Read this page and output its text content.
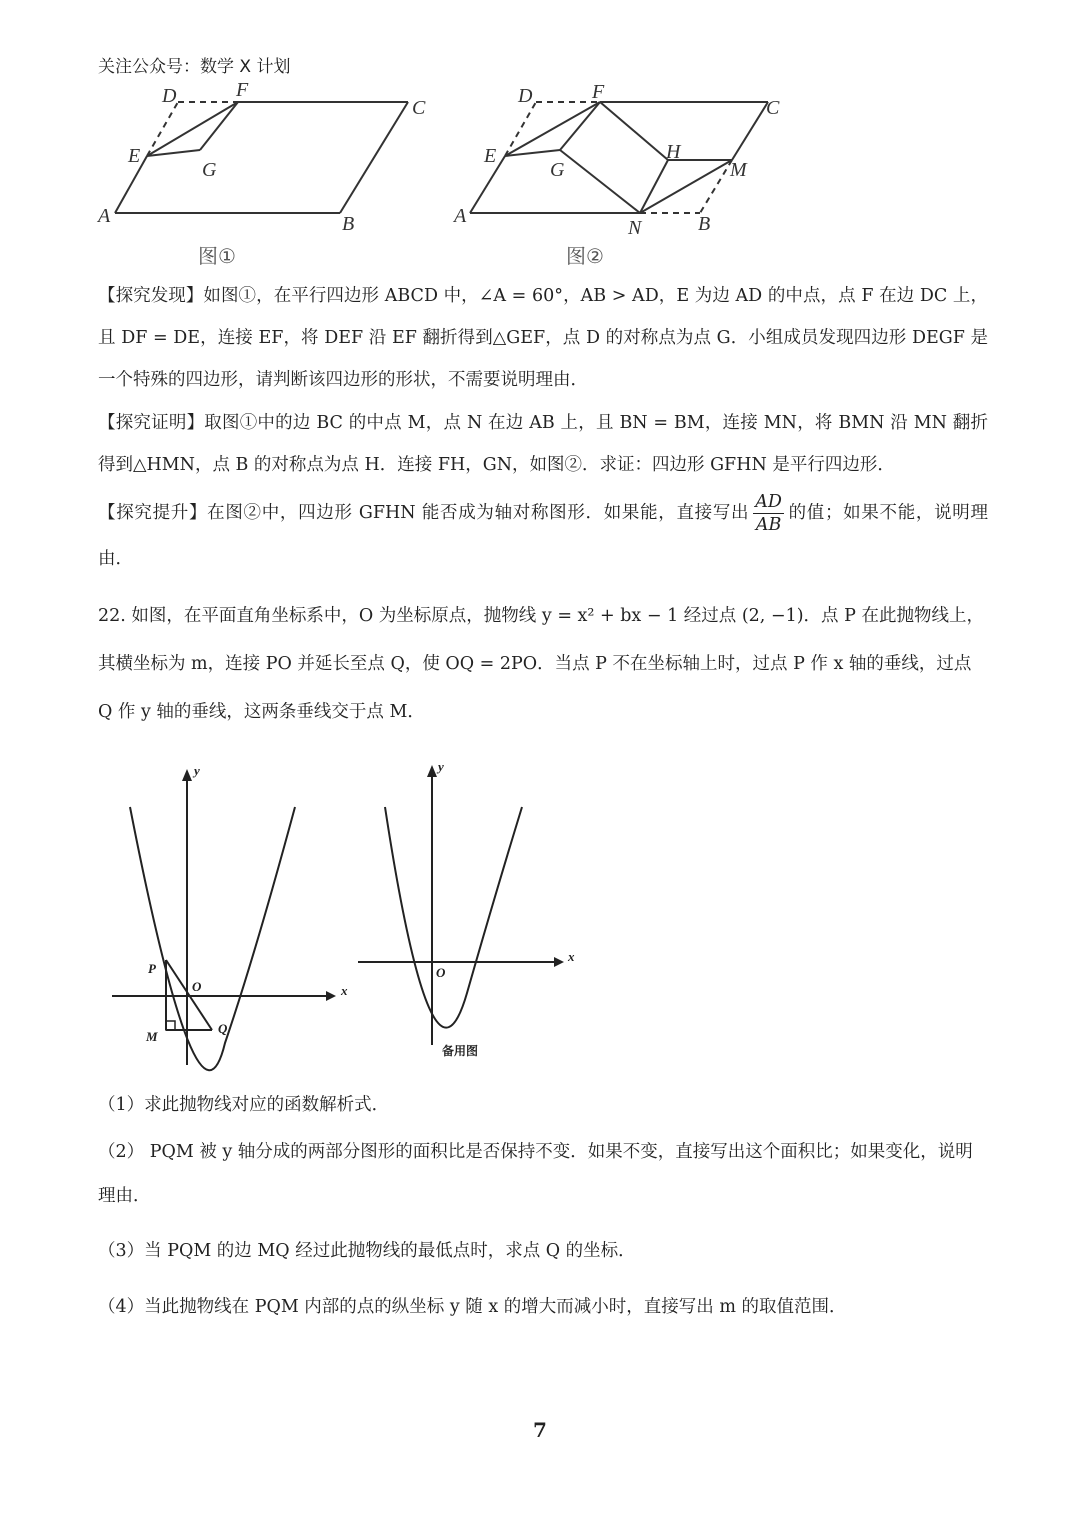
关注公众号：数学 X 计划
D	F
C
E
G
A	B
图①
D	F
C
E
G
H
M
A
N	B
图②
【探究发现】如图①，在平行四边形 ABCD 中，∠A = 60°，AB > AD，E 为边 AD 的中点，点 F 在边 DC 上，且 DF = DE，连接 EF，将 DEF 沿 EF 翻折得到△GEF，点 D 的对称点为点 G．小组成员发现四边形 DEGF 是一个特殊的四边形，请判断该四边形的形状，不需要说明理由．
【探究证明】取图①中的边 BC 的中点 M，点 N 在边 AB 上，且 BN = BM，连接 MN，将 BMN 沿 MN 翻折得到△HMN，点 B 的对称点为点 H．连接 FH，GN，如图②．求证：四边形 GFHN 是平行四边形．
【探究提升】在图②中，四边形 GFHN 能否成为轴对称图形．如果能，直接写出 $\frac{AD}{AB}$ 的值；如果不能，说明理由．
22. 如图，在平面直角坐标系中，O 为坐标原点，抛物线 y = x² + bx − 1 经过点 (2, −1)．点 P 在此抛物线上，其横坐标为 m，连接 PO 并延长至点 Q，使 OQ = 2PO．当点 P 不在坐标轴上时，过点 P 作 x 轴的垂线，过点 Q 作 y 轴的垂线，这两条垂线交于点 M．
y
x
P
O
M
Q
y
x
O
备用图
（1）求此抛物线对应的函数解析式．
（2） PQM 被 y 轴分成的两部分图形的面积比是否保持不变．如果不变，直接写出这个面积比；如果变化，说明理由．
（3）当 PQM 的边 MQ 经过此抛物线的最低点时，求点 Q 的坐标．
（4）当此抛物线在 PQM 内部的点的纵坐标 y 随 x 的增大而减小时，直接写出 m 的取值范围．
7
